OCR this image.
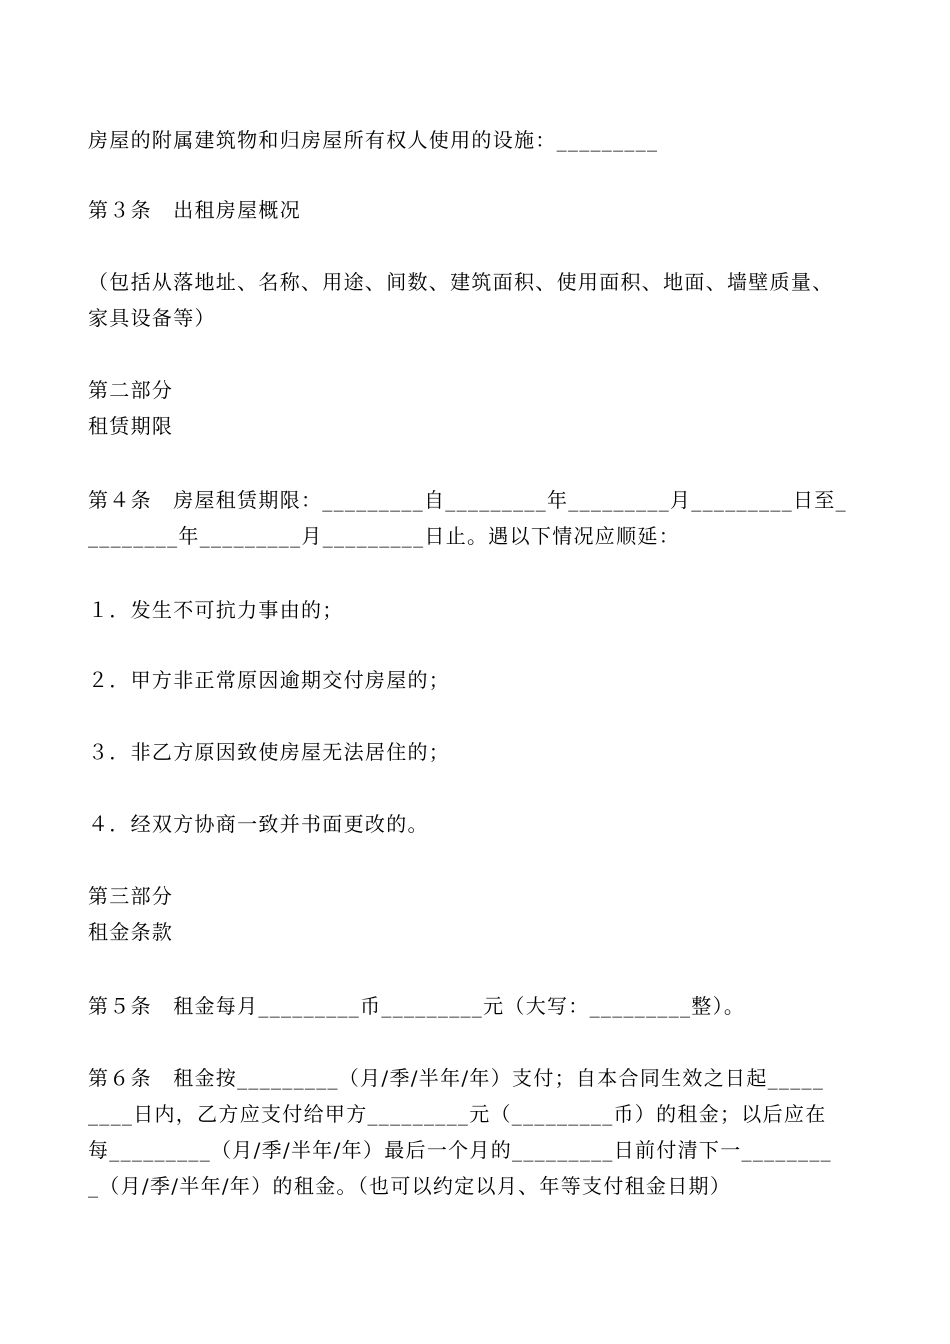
房屋的附属建筑物和归房屋所有权人使用的设施：_________
第３条　出租房屋概况
（包括从落地址、名称、用途、间数、建筑面积、使用面积、地面、墙壁质量、
家具设备等）
第二部分
租赁期限
第４条　房屋租赁期限：_________自_________年_________月_________日至_
________年_________月_________日止。遇以下情况应顺延：
１．发生不可抗力事由的；
２．甲方非正常原因逾期交付房屋的；
３．非乙方原因致使房屋无法居住的；
４．经双方协商一致并书面更改的。
第三部分
租金条款
第５条　租金每月_________币_________元（大写：_________整）。
第６条　租金按_________（月/季/半年/年）支付；自本合同生效之日起_____
____日内，乙方应支付给甲方_________元（_________币）的租金；以后应在
每_________（月/季/半年/年）最后一个月的_________日前付清下一________
_（月/季/半年/年）的租金。（也可以约定以月、年等支付租金日期）
